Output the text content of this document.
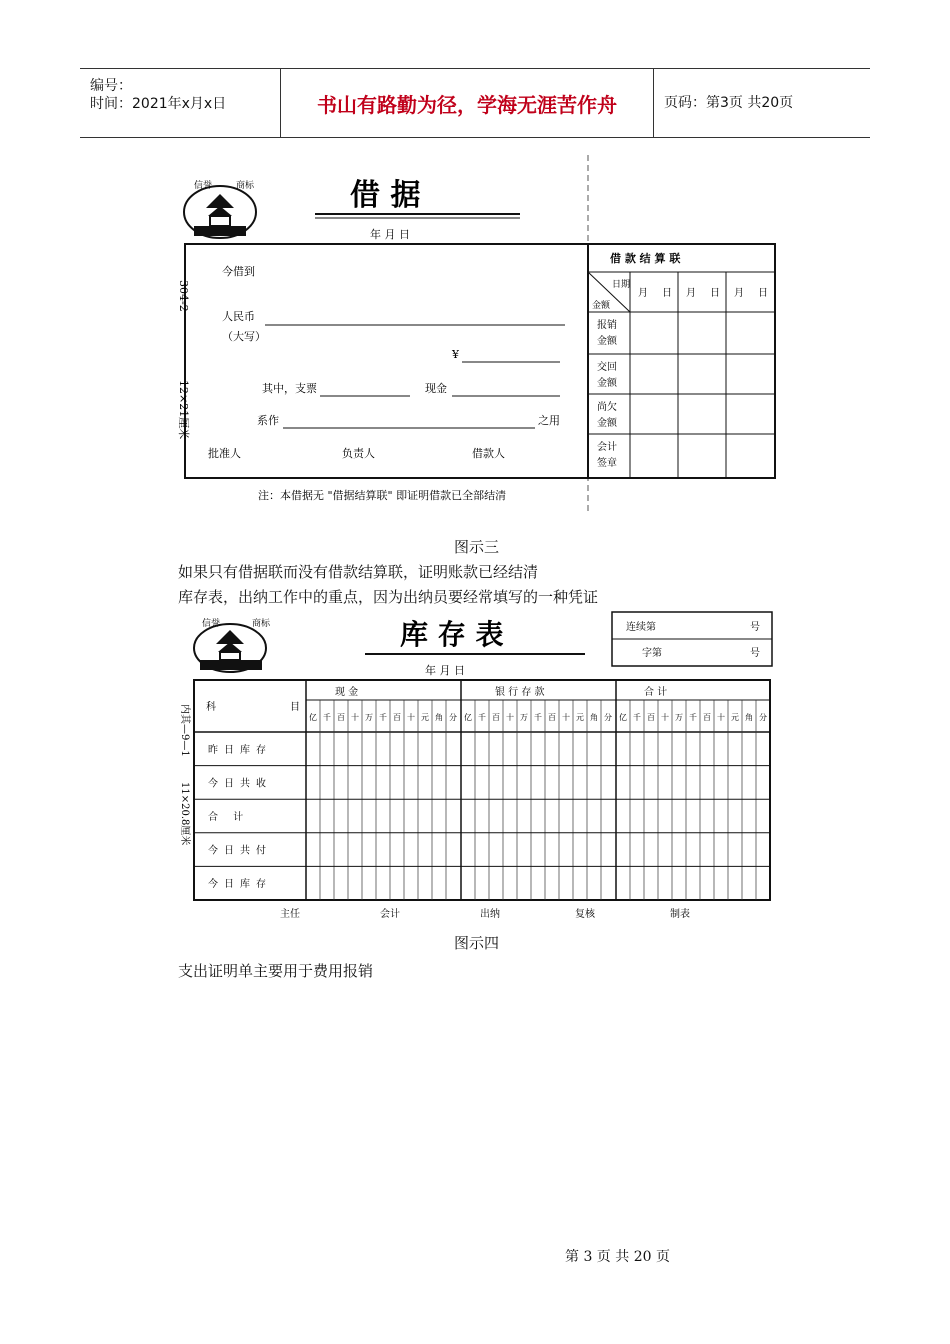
编号：
时间：2021年x月x日	书山有路勤为径，学海无涯苦作舟	页码：第3页 共20页
信誉	商标	借 据
年 月 日
304-2
12×21厘米
今借到
人民币
（大写）
¥
其中，支票	现金
系作	之用
批准人	负责人	借款人
借 款 结 算 联
日期
金额
月 日 月 日 月 日
报销
金额
交回
金额
尚欠
金额
会计
签章
注：本借据无 "借据结算联" 即证明借款已全部结清
图示三
如果只有借据联而没有借款结算联，证明账款已经结清
库存表，出纳工作中的重点，因为出纳员要经常填写的一种凭证
信誉	商标	库 存 表
年 月 日
连续第	号
字第	号
内其—9—1
11×20.8厘米
科	目
现 金	银 行 存 款	合 计
亿 千 百 十 万 千 百 十 元 角 分 亿 千 百 十 万 千 百 十 元 角 分 亿 千 百 十 万 千 百 十 元 角 分
昨日库存
今日共收
合 计
今日共付
今日库存
主任	会计	出纳	复核	制表
图示四
支出证明单主要用于费用报销
第 3 页 共 20 页
